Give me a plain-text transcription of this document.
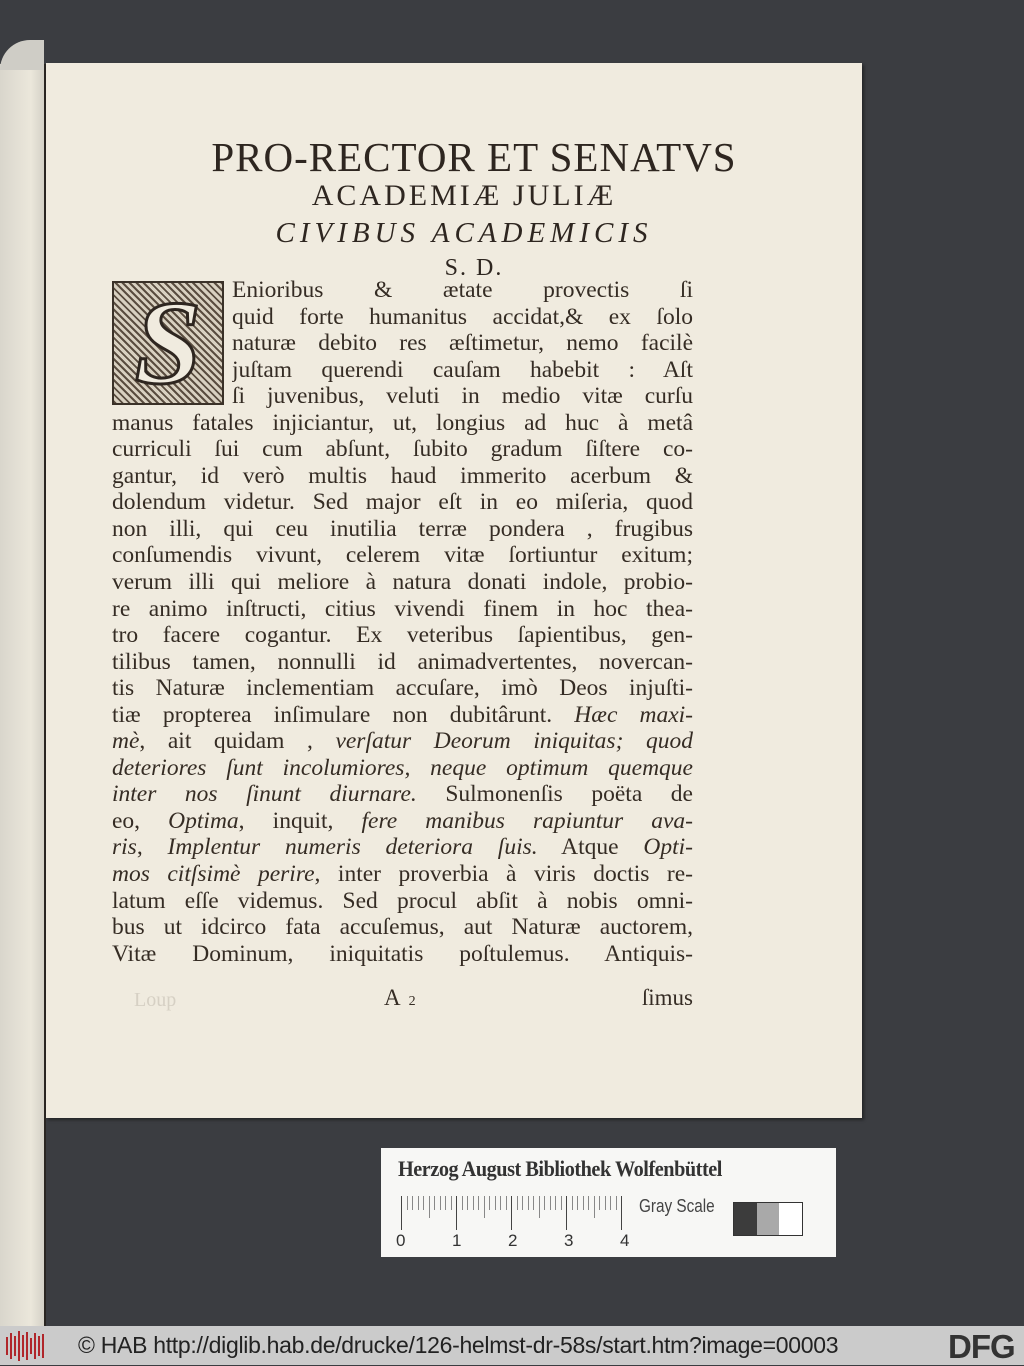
PRO-RECTOR ET SENATVS
ACADEMIÆ JULIÆ
CIVIBUS ACADEMICIS
S. D.
S Enioribus & ætate provectis ſi
quid forte humanitus accidat,& ex ſolo
naturæ debito res æſtimetur, nemo facilè
juſtam querendi cauſam habebit : Aſt
ſi juvenibus, veluti in medio vitæ curſu
manus fatales injiciantur, ut, longius ad huc à metâ
curriculi ſui cum abſunt, ſubito gradum ſiſtere co-
gantur, id verò multis haud immerito acerbum &
dolendum videtur. Sed major eſt in eo miſeria, quod
non illi, qui ceu inutilia terræ pondera , frugibus
conſumendis vivunt, celerem vitæ ſortiuntur exitum;
verum illi qui meliore à natura donati indole, probio-
re animo inſtructi, citius vivendi finem in hoc thea-
tro facere cogantur. Ex veteribus ſapientibus, gen-
tilibus tamen, nonnulli id animadvertentes, novercan-
tis Naturæ inclementiam accuſare, imò Deos injuſti-
tiæ propterea inſimulare non dubitârunt. Hæc maxi-
mè, ait quidam , verſatur Deorum iniquitas; quod
deteriores ſunt incolumiores, neque optimum quemque
inter nos ſinunt diurnare. Sulmonenſis poëta de
eo, Optima, inquit, fere manibus rapiuntur ava-
ris, Implentur numeris deteriora ſuis. Atque Opti-
mos citſsimè perire, inter proverbia à viris doctis re-
latum eſſe videmus. Sed procul abſit à nobis omni-
bus ut idcirco fata accuſemus, aut Naturæ auctorem,
Vitæ Dominum, iniquitatis poſtulemus. Antiquis-
Loup	A 2	ſimus
Herzog August Bibliothek Wolfenbüttel
0	1	2	3	4
Gray Scale
© HAB http://diglib.hab.de/drucke/126-helmst-dr-58s/start.htm?image=00003	DFG
